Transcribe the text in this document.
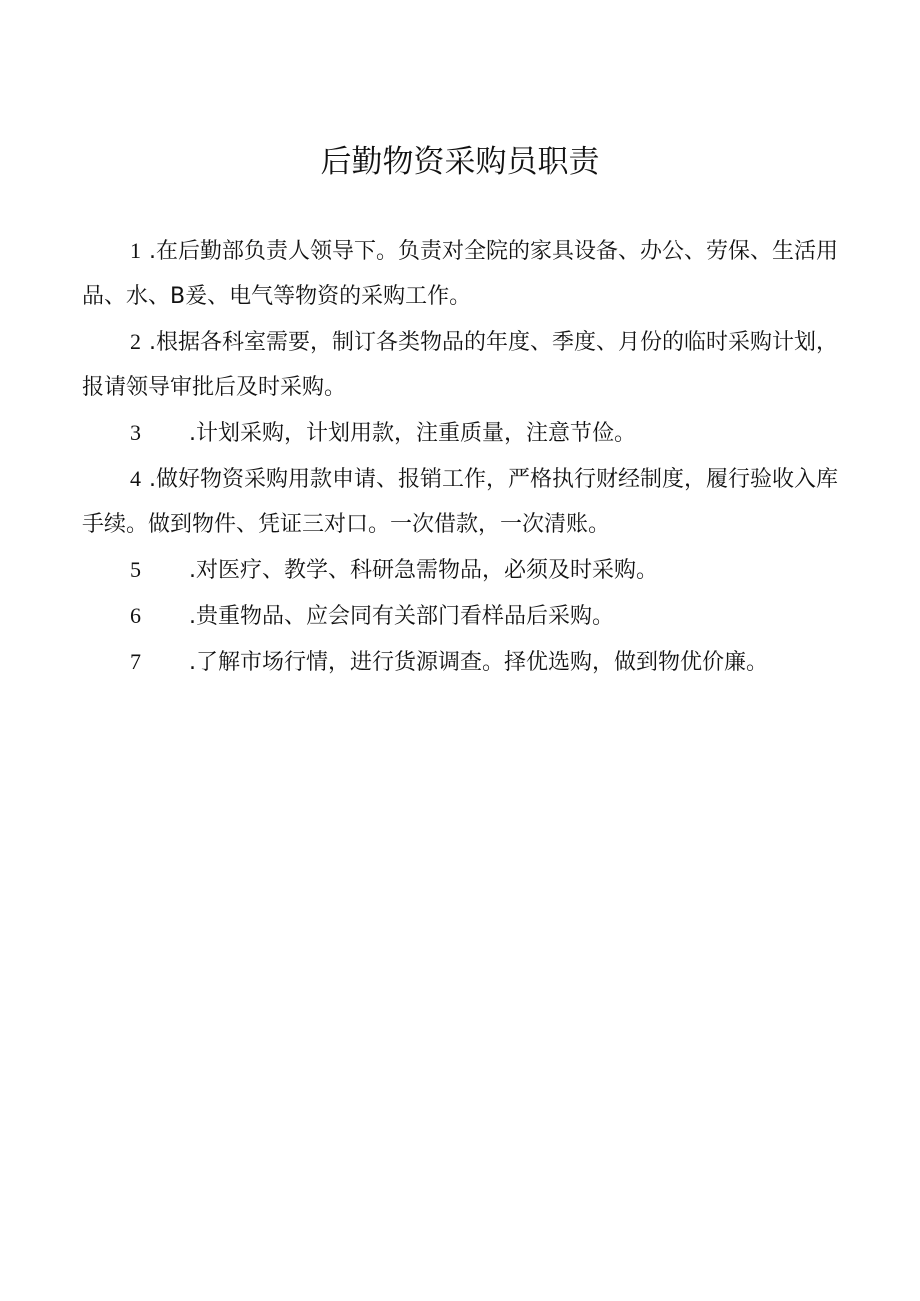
后勤物资采购员职责
1 .在后勤部负责人领导下。负责对全院的家具设备、办公、劳保、生活用品、水、B爰、电气等物资的采购工作。
2 .根据各科室需要，制订各类物品的年度、季度、月份的临时采购计划，报请领导审批后及时采购。
3 .计划采购，计划用款，注重质量，注意节俭。
4 .做好物资采购用款申请、报销工作，严格执行财经制度，履行验收入库手续。做到物件、凭证三对口。一次借款，一次清账。
5 .对医疗、教学、科研急需物品，必须及时采购。
6 .贵重物品、应会同有关部门看样品后采购。
7 .了解市场行情，进行货源调查。择优选购，做到物优价廉。
